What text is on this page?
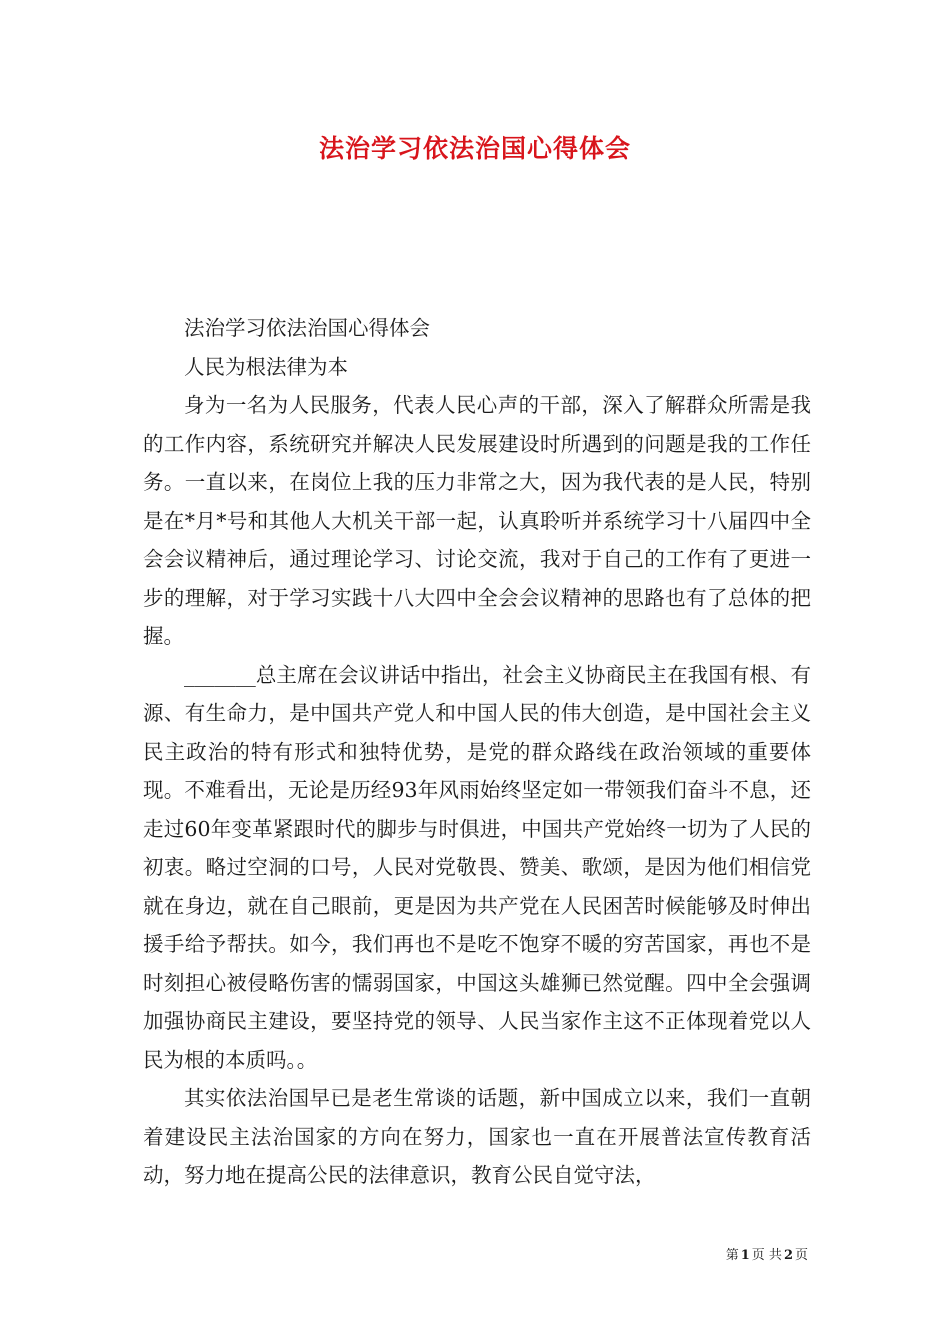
法治学习依法治国心得体会

法治学习依法治国心得体会

人民为根法律为本

身为一名为人民服务，代表人民心声的干部，深入了解群众所需是我的工作内容，系统研究并解决人民发展建设时所遇到的问题是我的工作任务。一直以来，在岗位上我的压力非常之大，因为我代表的是人民，特别是在*月*号和其他人大机关干部一起，认真聆听并系统学习十八届四中全会会议精神后，通过理论学习、讨论交流，我对于自己的工作有了更进一步的理解，对于学习实践十八大四中全会会议精神的思路也有了总体的把握。

_______总主席在会议讲话中指出，社会主义协商民主在我国有根、有源、有生命力，是中国共产党人和中国人民的伟大创造，是中国社会主义民主政治的特有形式和独特优势，是党的群众路线在政治领域的重要体现。不难看出，无论是历经93年风雨始终坚定如一带领我们奋斗不息，还走过60年变革紧跟时代的脚步与时俱进，中国共产党始终一切为了人民的初衷。略过空洞的口号，人民对党敬畏、赞美、歌颂，是因为他们相信党就在身边，就在自己眼前，更是因为共产党在人民困苦时候能够及时伸出援手给予帮扶。如今，我们再也不是吃不饱穿不暖的穷苦国家，再也不是时刻担心被侵略伤害的懦弱国家，中国这头雄狮已然觉醒。四中全会强调加强协商民主建设，要坚持党的领导、人民当家作主这不正体现着党以人民为根的本质吗。。

其实依法治国早已是老生常谈的话题，新中国成立以来，我们一直朝着建设民主法治国家的方向在努力，国家也一直在开展普法宣传教育活动，努力地在提高公民的法律意识，教育公民自觉守法，

第 1 页 共 2 页
